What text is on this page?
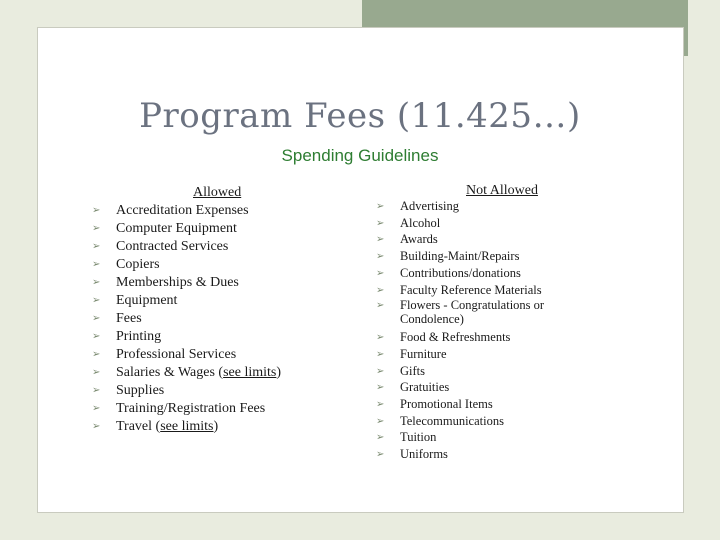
Program Fees (11.425…)
Spending Guidelines
Allowed
➢ Accreditation Expenses
➢ Computer Equipment
➢ Contracted Services
➢ Copiers
➢ Memberships & Dues
➢ Equipment
➢ Fees
➢ Printing
➢ Professional Services
➢ Salaries & Wages (see limits)
➢ Supplies
➢ Training/Registration Fees
➢ Travel (see limits)
Not Allowed
➢ Advertising
➢ Alcohol
➢ Awards
➢ Building-Maint/Repairs
➢ Contributions/donations
➢ Faculty Reference Materials
➢ Flowers - Congratulations or Condolence)
➢ Food & Refreshments
➢ Furniture
➢ Gifts
➢ Gratuities
➢ Promotional Items
➢ Telecommunications
➢ Tuition
➢ Uniforms
